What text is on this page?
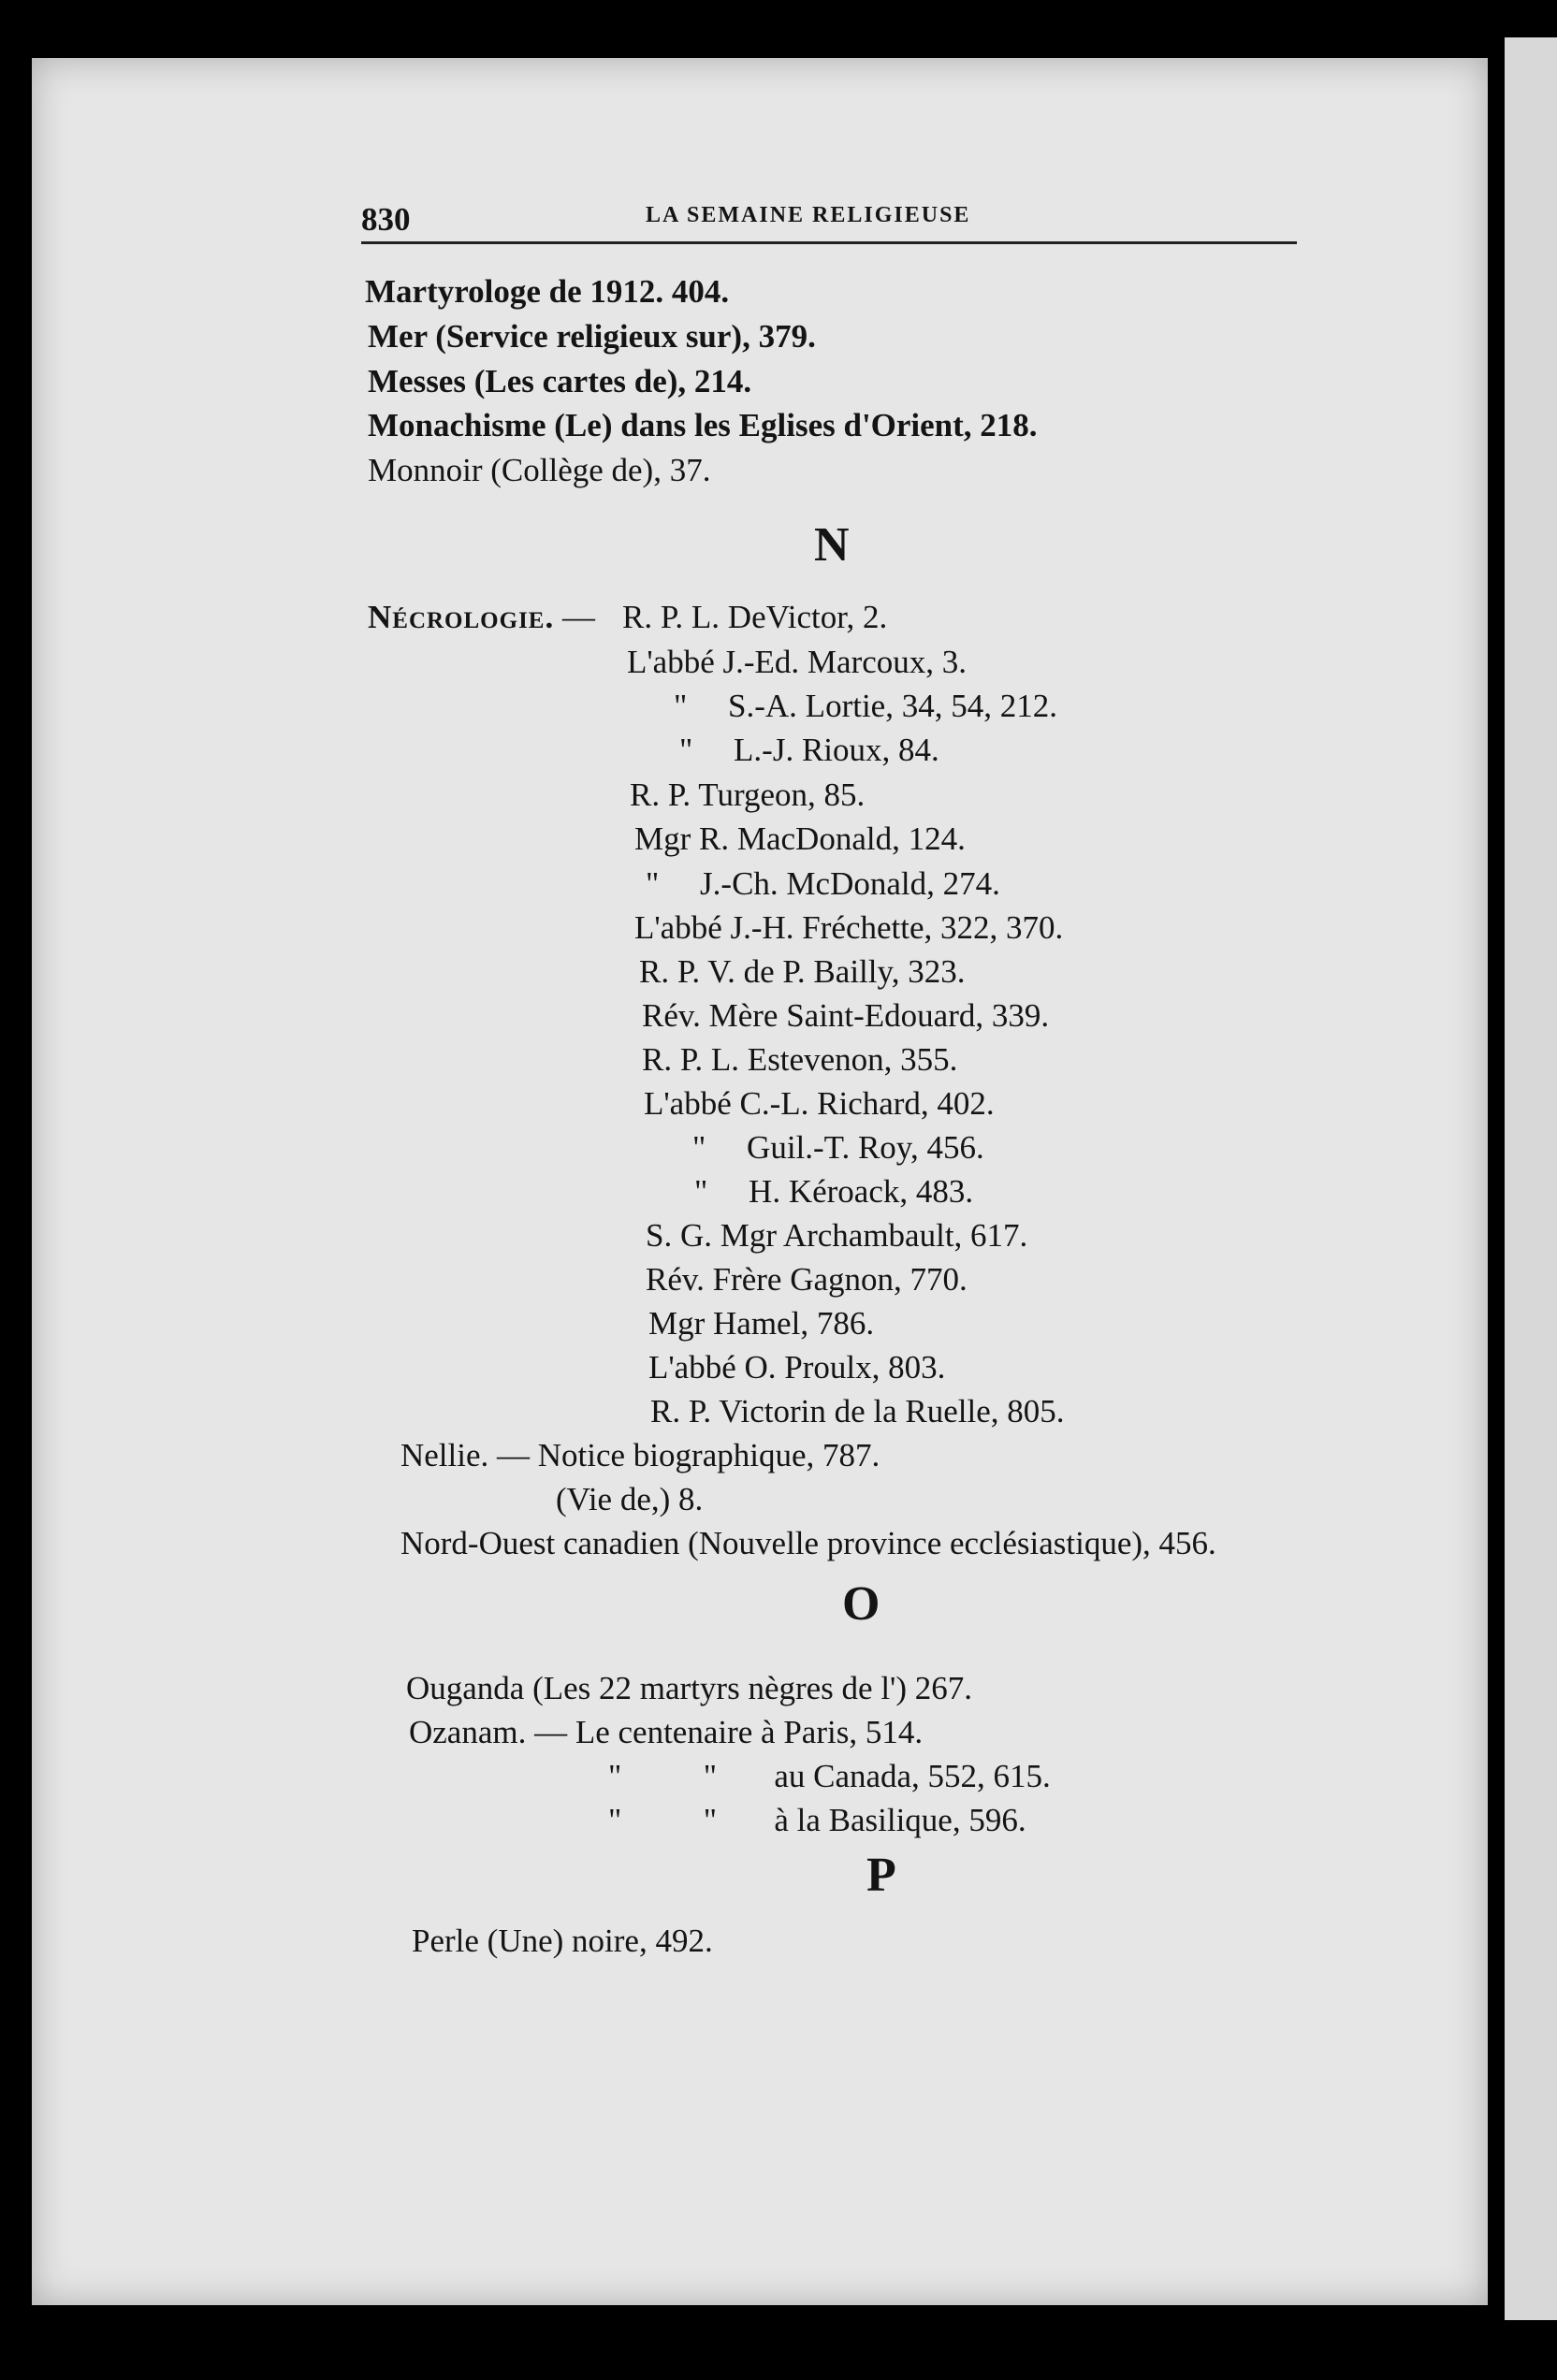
830	LA SEMAINE RELIGIEUSE
Martyrologe de 1912. 404.
Mer (Service religieux sur), 379.
Messes (Les cartes de), 214.
Monachisme (Le) dans les Eglises d'Orient, 218.
Monnoir (Collège de), 37.
N
Nécrologie. — R. P. L. DeVictor, 2.
L'abbé J.-Ed. Marcoux, 3.
"     S.-A. Lortie, 34, 54, 212.
"     L.-J. Rioux, 84.
R. P. Turgeon, 85.
Mgr R. MacDonald, 124.
"     J.-Ch. McDonald, 274.
L'abbé J.-H. Fréchette, 322, 370.
R. P. V. de P. Bailly, 323.
Rév. Mère Saint-Edouard, 339.
R. P. L. Estevenon, 355.
L'abbé C.-L. Richard, 402.
"     Guil.-T. Roy, 456.
"     H. Kéroack, 483.
S. G. Mgr Archambault, 617.
Rév. Frère Gagnon, 770.
Mgr Hamel, 786.
L'abbé O. Proulx, 803.
R. P. Victorin de la Ruelle, 805.
Nellie. — Notice biographique, 787.
(Vie de,) 8.
Nord-Ouest canadien (Nouvelle province ecclésiastique), 456.
O
Ouganda (Les 22 martyrs nègres de l') 267.
Ozanam. — Le centenaire à Paris, 514.
"          "       au Canada, 552, 615.
"          "       à la Basilique, 596.
P
Perle (Une) noire, 492.
